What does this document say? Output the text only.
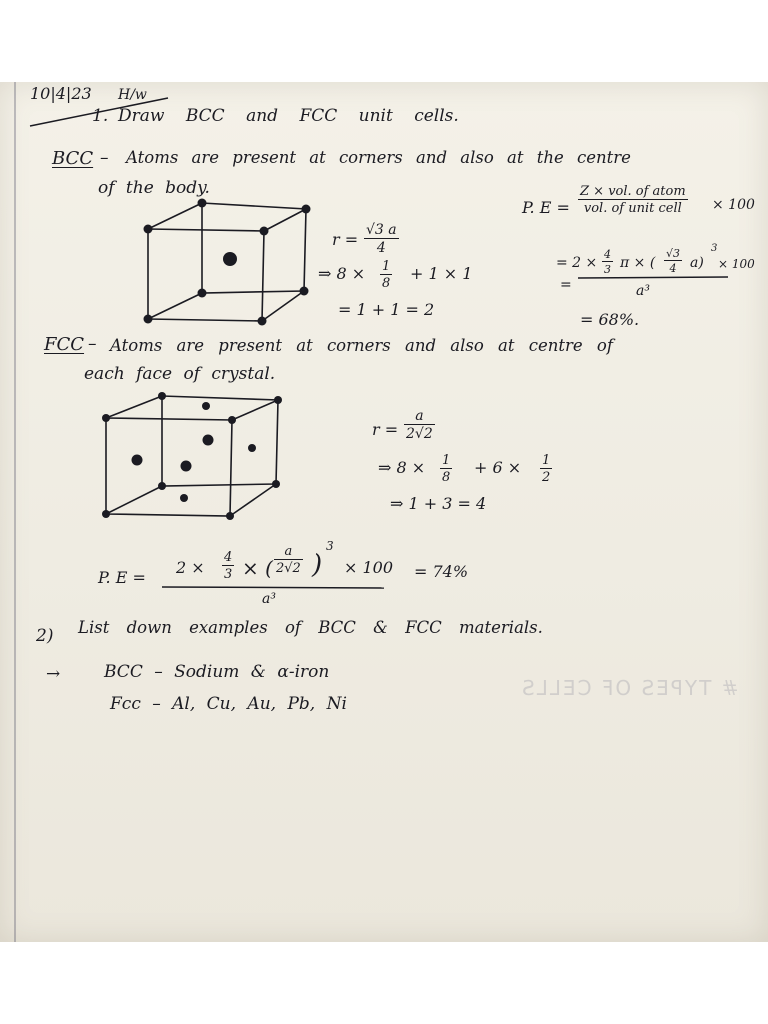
# TYPES OF CELLS
10|4|23 H/w
1. Draw BCC and FCC unit cells.
BCC – Atoms are present at corners and also at the centre
of the body.
$r = \frac{√3 a}{4}$
⇒ $8 \times \frac{1}{8} + 1 \times 1$
= 1 + 1 = 2
P. E =
Z × vol. of atom
vol. of unit cell	× 100
= $2 \times \frac{4}{3}$ π × ( $\frac{√3}{4} a$)
3
× 100
=	a³
= 68%.
FCC – Atoms are present at corners and also at centre of
each face of crystal.
$r = \frac{a}{2√2}$
⇒ $8 \times \frac{1}{8} + 6 \times \frac{1}{2}$
⇒ 1 + 3 = 4
P. E =
$2 \times \frac{4}{3}$ × ( $\frac{a}{2√2}$ )
3
× 100
a³
= 74%
2) List down examples of BCC & FCC materials.
→	BCC – Sodium & α-iron
Fcc – Al, Cu, Au, Pb, Ni
